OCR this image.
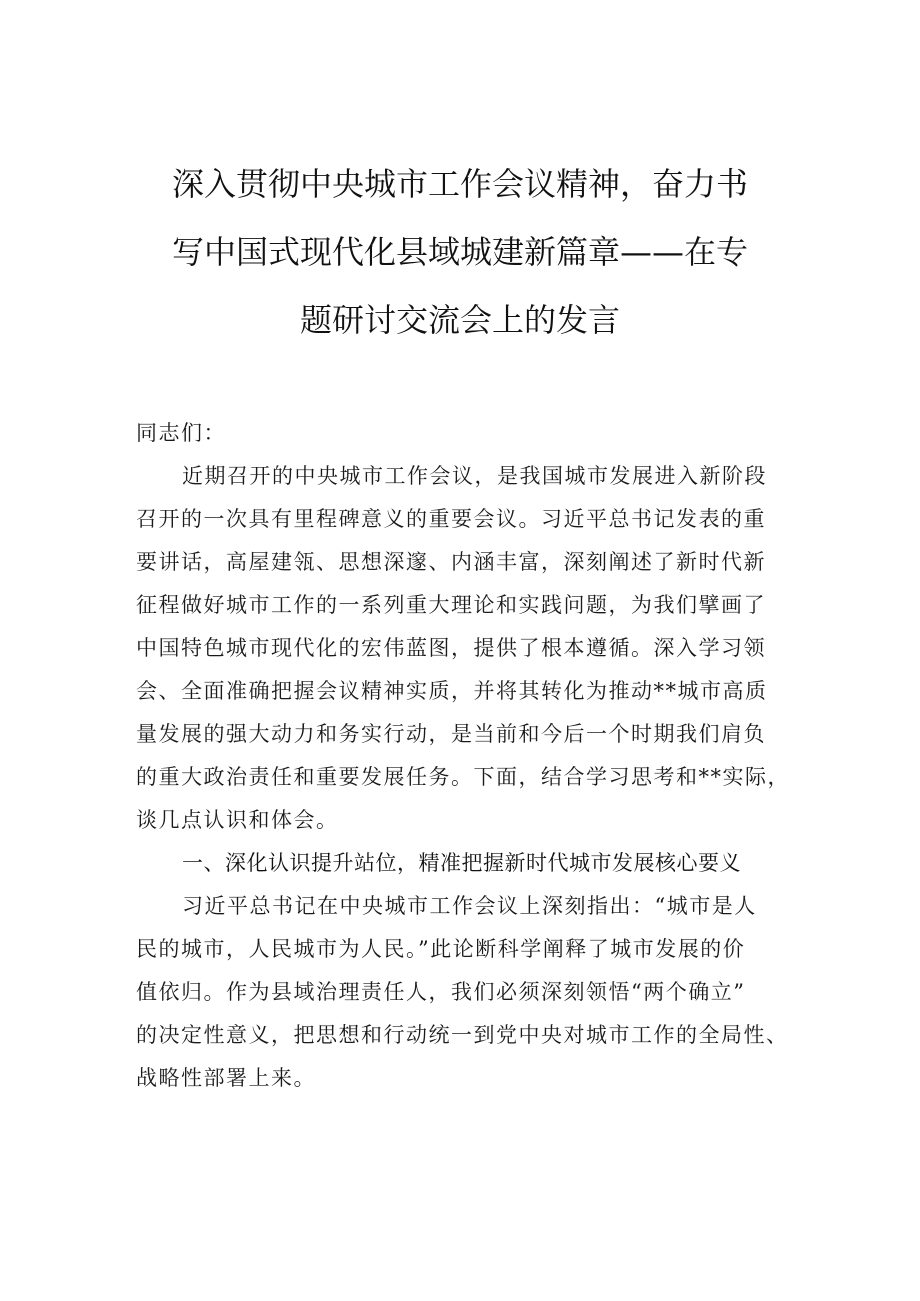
深入贯彻中央城市工作会议精神，奋力书
写中国式现代化县域城建新篇章——在专
题研讨交流会上的发言
同志们：
近期召开的中央城市工作会议，是我国城市发展进入新阶段
召开的一次具有里程碑意义的重要会议。习近平总书记发表的重
要讲话，高屋建瓴、思想深邃、内涵丰富，深刻阐述了新时代新
征程做好城市工作的一系列重大理论和实践问题，为我们擘画了
中国特色城市现代化的宏伟蓝图，提供了根本遵循。深入学习领
会、全面准确把握会议精神实质，并将其转化为推动**城市高质
量发展的强大动力和务实行动，是当前和今后一个时期我们肩负
的重大政治责任和重要发展任务。下面，结合学习思考和**实际，
谈几点认识和体会。
一、深化认识提升站位，精准把握新时代城市发展核心要义
习近平总书记在中央城市工作会议上深刻指出：“城市是人
民的城市，人民城市为人民。”此论断科学阐释了城市发展的价
值依归。作为县域治理责任人，我们必须深刻领悟“两个确立”
的决定性意义，把思想和行动统一到党中央对城市工作的全局性、
战略性部署上来。
